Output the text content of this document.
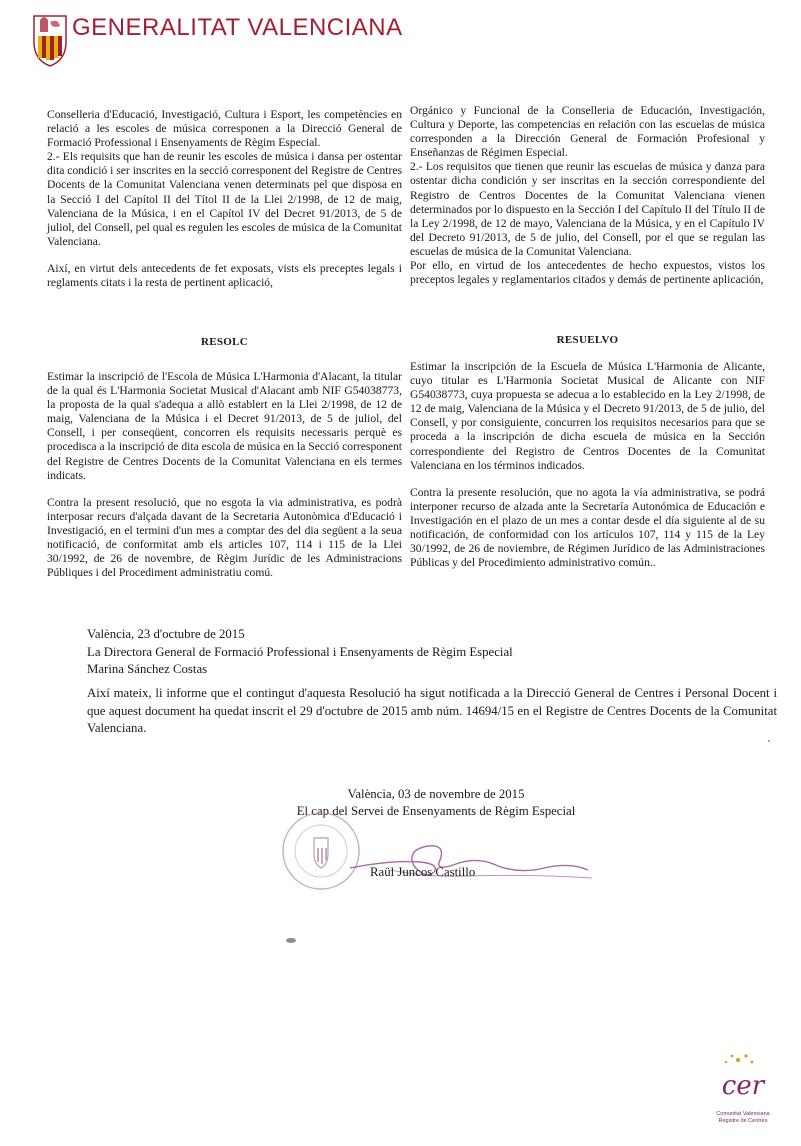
GENERALITAT VALENCIANA

Conselleria d'Educació, Investigació, Cultura i Esport, les competències en relació a les escoles de música corresponen a la Direcció General de Formació Professional i Ensenyaments de Règim Especial.

2.- Els requisits que han de reunir les escoles de música i dansa per ostentar dita condició i ser inscrites en la secció corresponent del Registre de Centres Docents de la Comunitat Valenciana venen determinats pel que disposa en la Secció I del Capítol II del Títol II de la Llei 2/1998, de 12 de maig, Valenciana de la Música, i en el Capítol IV del Decret 91/2013, de 5 de juliol, del Consell, pel qual es regulen les escoles de música de la Comunitat Valenciana.

Així, en virtut dels antecedents de fet exposats, vists els preceptes legals i reglaments citats i la resta de pertinent aplicació,

RESOLC

Estimar la inscripció de l'Escola de Música L'Harmonia d'Alacant, la titular de la qual és L'Harmonia Societat Musical d'Alacant amb NIF G54038773, la proposta de la qual s'adequa a allò establert en la Llei 2/1998, de 12 de maig, Valenciana de la Música i el Decret 91/2013, de 5 de juliol, del Consell, i per conseqüent, concorren els requisits necessaris perquè es procedisca a la inscripció de dita escola de música en la Secció corresponent del Registre de Centres Docents de la Comunitat Valenciana en els termes indicats.

Contra la present resolució, que no esgota la via administrativa, es podrà interposar recurs d'alçada davant de la Secretaria Autonòmica d'Educació i Investigació, en el termini d'un mes a comptar des del dia següent a la seua notificació, de conformitat amb els articles 107, 114 i 115 de la Llei 30/1992, de 26 de novembre, de Règim Jurídic de les Administracions Públiques i del Procediment administratiu comú.

Orgánico y Funcional de la Conselleria de Educación, Investigación, Cultura y Deporte, las competencias en relación con las escuelas de música corresponden a la Dirección General de Formación Profesional y Enseñanzas de Régimen Especial.

2.- Los requisitos que tienen que reunir las escuelas de música y danza para ostentar dicha condición y ser inscritas en la sección correspondiente del Registro de Centros Docentes de la Comunitat Valenciana vienen determinados por lo dispuesto en la Sección I del Capítulo II del Título II de la Ley 2/1998, de 12 de mayo, Valenciana de la Música, y en el Capítulo IV del Decreto 91/2013, de 5 de julio, del Consell, por el que se regulan las escuelas de música de la Comunitat Valenciana.

Por ello, en virtud de los antecedentes de hecho expuestos, vistos los preceptos legales y reglamentarios citados y demás de pertinente aplicación,

RESUELVO

Estimar la inscripción de la Escuela de Música L'Harmonia de Alicante, cuyo titular es L'Harmonia Societat Musical de Alicante con NIF G54038773, cuya propuesta se adecua a lo establecido en la Ley 2/1998, de 12 de maig, Valenciana de la Música y el Decreto 91/2013, de 5 de julio, del Consell, y por consiguiente, concurren los requisitos necesarios para que se proceda a la inscripción de dicha escuela de música en la Sección correspondiente del Registro de Centros Docentes de la Comunitat Valenciana en los términos indicados.

Contra la presente resolución, que no agota la vía administrativa, se podrá interponer recurso de alzada ante la Secretaría Autonómica de Educación e Investigación en el plazo de un mes a contar desde el día siguiente al de su notificación, de conformidad con los artículos 107, 114 y 115 de la Ley 30/1992, de 26 de noviembre, de Régimen Jurídico de las Administraciones Públicas y del Procedimiento administrativo común..

València, 23 d'octubre de 2015

La Directora General de Formació Professional i Ensenyaments de Règim Especial

Marina Sánchez Costas

Així mateix, li informe que el contingut d'aquesta Resolució ha sigut notificada a la Direcció General de Centres i Personal Docent i que aquest document ha quedat inscrit el 29 d'octubre de 2015 amb núm. 14694/15 en el Registre de Centres Docents de la Comunitat Valenciana.
València, 03 de novembre de 2015
El cap del Servei de Ensenyaments de Règim Especial
Raül Juncos Castillo
cer
Comunitat Valenciana
Registre de Centres
